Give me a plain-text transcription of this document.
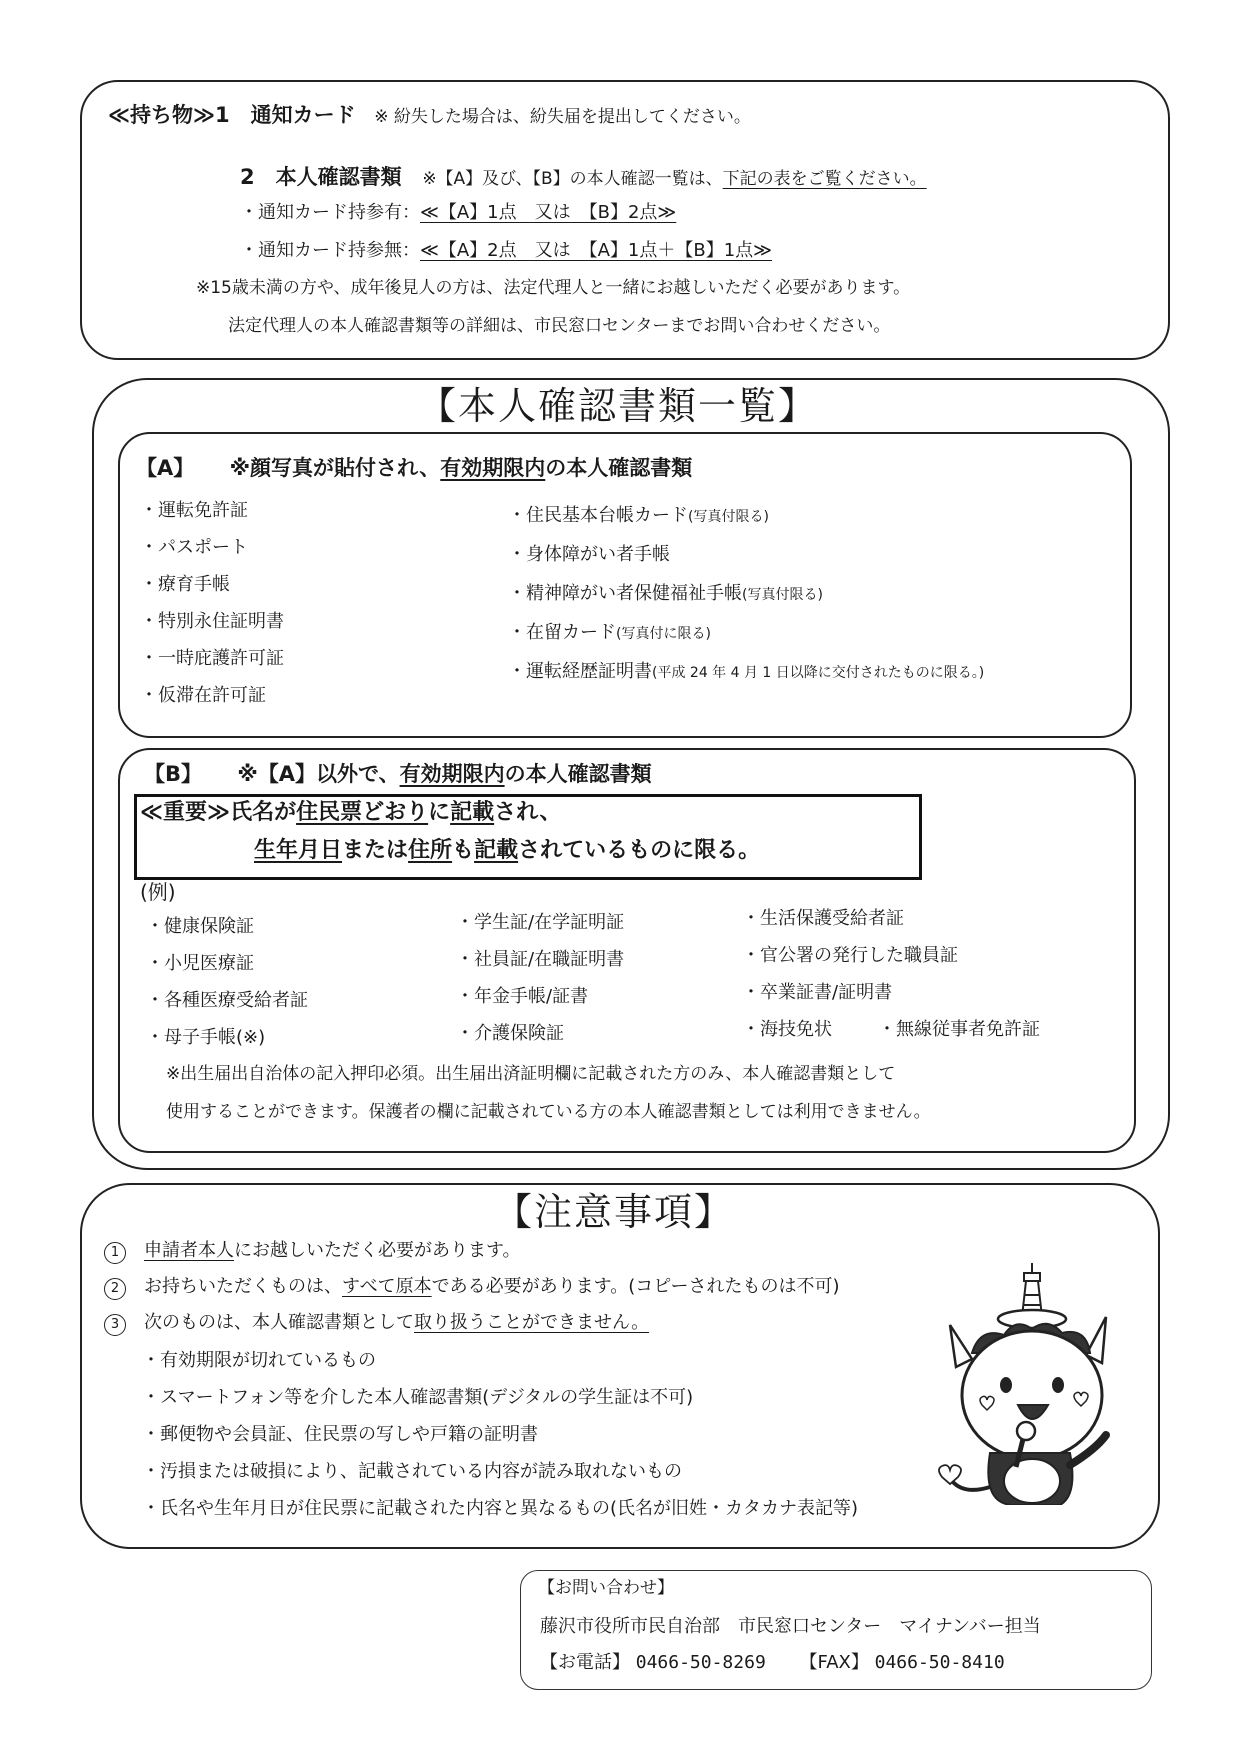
≪持ち物≫1　通知カード ※ 紛失した場合は、紛失届を提出してください。
2　本人確認書類 ※【A】及び、【B】の本人確認一覧は、下記の表をご覧ください。
・通知カード持参有：≪【A】1点　又は　【B】2点≫
・通知カード持参無：≪【A】2点　又は　【A】1点＋【B】1点≫
※15歳未満の方や、成年後見人の方は、法定代理人と一緒にお越しいただく必要があります。
法定代理人の本人確認書類等の詳細は、市民窓口センターまでお問い合わせください。
【本人確認書類一覧】
【A】 ※顔写真が貼付され、有効期限内の本人確認書類
・運転免許証
・パスポート
・療育手帳
・特別永住証明書
・一時庇護許可証
・仮滞在許可証
・住民基本台帳カード(写真付限る)
・身体障がい者手帳
・精神障がい者保健福祉手帳(写真付限る)
・在留カード(写真付に限る)
・運転経歴証明書(平成 24 年 4 月 1 日以降に交付されたものに限る。)
【B】 ※【A】以外で、有効期限内の本人確認書類
≪重要≫氏名が住民票どおりに記載され、
生年月日または住所も記載されているものに限る。
(例)
・健康保険証
・小児医療証
・各種医療受給者証
・母子手帳(※)
・学生証/在学証明証
・社員証/在職証明書
・年金手帳/証書
・介護保険証
・生活保護受給者証
・官公署の発行した職員証
・卒業証書/証明書
・海技免状	・無線従事者免許証
※出生届出自治体の記入押印必須。出生届出済証明欄に記載された方のみ、本人確認書類として
使用することができます。保護者の欄に記載されている方の本人確認書類としては利用できません。
【注意事項】
1 申請者本人にお越しいただく必要があります。
2 お持ちいただくものは、すべて原本である必要があります。(コピーされたものは不可)
3 次のものは、本人確認書類として取り扱うことができません。
・有効期限が切れているもの
・スマートフォン等を介した本人確認書類(デジタルの学生証は不可)
・郵便物や会員証、住民票の写しや戸籍の証明書
・汚損または破損により、記載されている内容が読み取れないもの
・氏名や生年月日が住民票に記載された内容と異なるもの(氏名が旧姓・カタカナ表記等)
【お問い合わせ】
藤沢市役所市民自治部　市民窓口センター　マイナンバー担当
【お電話】 0466-50-8269 【FAX】 0466-50-8410
